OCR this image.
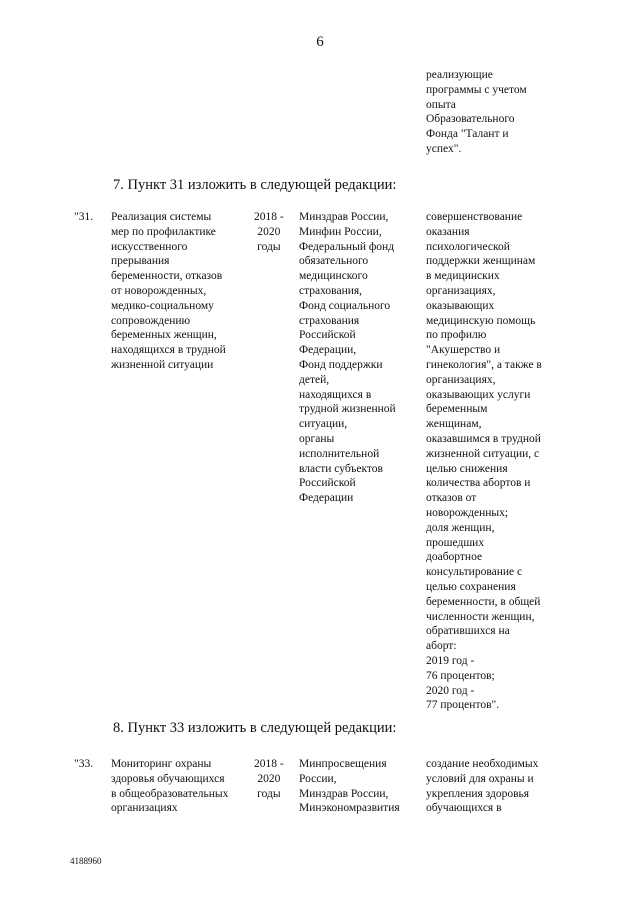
6
реализующие
программы с учетом
опыта
Образовательного
Фонда "Талант и
успех".
7. Пункт 31 изложить в следующей редакции:
"31. Реализация системы
мер по профилактике
искусственного
прерывания
беременности, отказов
от новорожденных,
медико-социальному
сопровождению
беременных женщин,
находящихся в трудной
жизненной ситуации
2018 -
2020
годы
Минздрав России,
Минфин России,
Федеральный фонд
обязательного
медицинского
страхования,
Фонд социального
страхования
Российской
Федерации,
Фонд поддержки
детей,
находящихся в
трудной жизненной
ситуации,
органы
исполнительной
власти субъектов
Российской
Федерации
совершенствование
оказания
психологической
поддержки женщинам
в медицинских
организациях,
оказывающих
медицинскую помощь
по профилю
"Акушерство и
гинекология", а также в
организациях,
оказывающих услуги
беременным
женщинам,
оказавшимся в трудной
жизненной ситуации, с
целью снижения
количества абортов и
отказов от
новорожденных;
доля женщин,
прошедших
доабортное
консультирование с
целью сохранения
беременности, в общей
численности женщин,
обратившихся на
аборт:
2019 год -
76 процентов;
2020 год -
77 процентов".
8. Пункт 33 изложить в следующей редакции:
"33. Мониторинг охраны
здоровья обучающихся
в общеобразовательных
организациях
2018 -
2020
годы
Минпросвещения
России,
Минздрав России,
Минэкономразвития
создание необходимых
условий для охраны и
укрепления здоровья
обучающихся в
4188960
